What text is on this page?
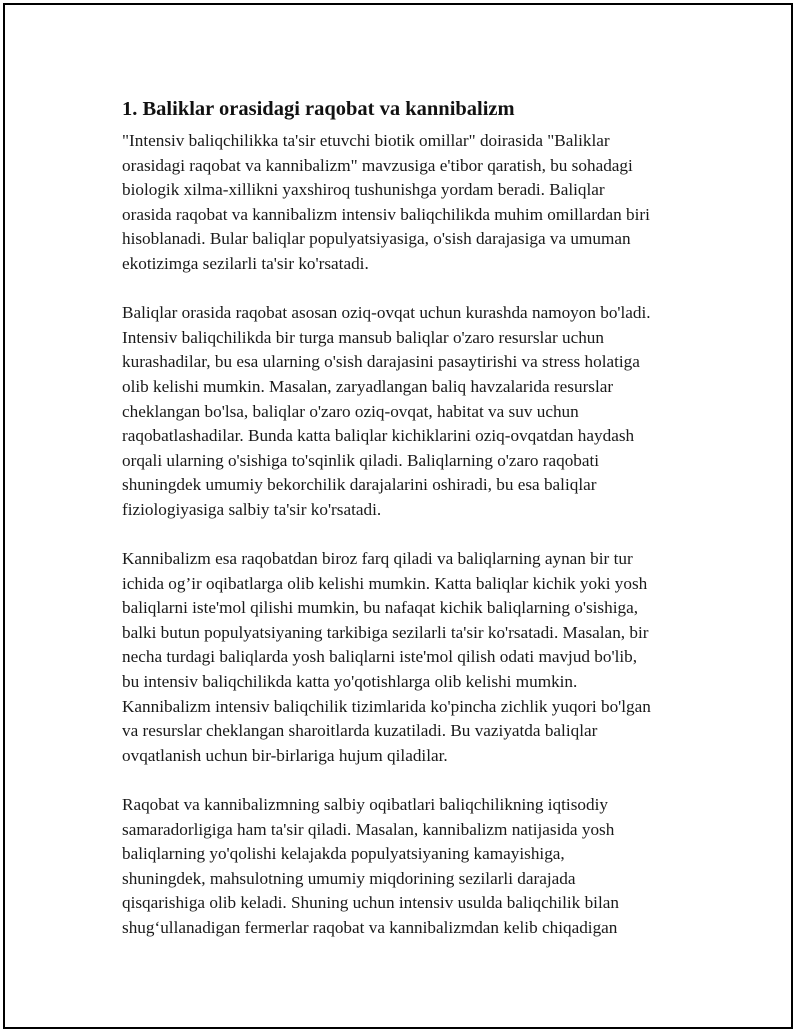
1. Baliklar orasidagi raqobat va kannibalizm

"Intensiv baliqchilikka ta'sir etuvchi biotik omillar" doirasida "Baliklar
orasidagi raqobat va kannibalizm" mavzusiga e'tibor qaratish, bu sohadagi
biologik xilma-xillikni yaxshiroq tushunishga yordam beradi. Baliqlar
orasida raqobat va kannibalizm intensiv baliqchilikda muhim omillardan biri
hisoblanadi. Bular baliqlar populyatsiyasiga, o'sish darajasiga va umuman
ekotizimga sezilarli ta'sir ko'rsatadi.

Baliqlar orasida raqobat asosan oziq-ovqat uchun kurashda namoyon bo'ladi.
Intensiv baliqchilikda bir turga mansub baliqlar o'zaro resurslar uchun
kurashadilar, bu esa ularning o'sish darajasini pasaytirishi va stress holatiga
olib kelishi mumkin. Masalan, zaryadlangan baliq havzalarida resurslar
cheklangan bo'lsa, baliqlar o'zaro oziq-ovqat, habitat va suv uchun
raqobatlashadilar. Bunda katta baliqlar kichiklarini oziq-ovqatdan haydash
orqali ularning o'sishiga to'sqinlik qiladi. Baliqlarning o'zaro raqobati
shuningdek umumiy bekorchilik darajalarini oshiradi, bu esa baliqlar
fiziologiyasiga salbiy ta'sir ko'rsatadi.

Kannibalizm esa raqobatdan biroz farq qiladi va baliqlarning aynan bir tur
ichida og’ir oqibatlarga olib kelishi mumkin. Katta baliqlar kichik yoki yosh
baliqlarni iste'mol qilishi mumkin, bu nafaqat kichik baliqlarning o'sishiga,
balki butun populyatsiyaning tarkibiga sezilarli ta'sir ko'rsatadi. Masalan, bir
necha turdagi baliqlarda yosh baliqlarni iste'mol qilish odati mavjud bo'lib,
bu intensiv baliqchilikda katta yo'qotishlarga olib kelishi mumkin.
Kannibalizm intensiv baliqchilik tizimlarida ko'pincha zichlik yuqori bo'lgan
va resurslar cheklangan sharoitlarda kuzatiladi. Bu vaziyatda baliqlar
ovqatlanish uchun bir-birlariga hujum qiladilar.

Raqobat va kannibalizmning salbiy oqibatlari baliqchilikning iqtisodiy
samaradorligiga ham ta'sir qiladi. Masalan, kannibalizm natijasida yosh
baliqlarning yo'qolishi kelajakda populyatsiyaning kamayishiga,
shuningdek, mahsulotning umumiy miqdorining sezilarli darajada
qisqarishiga olib keladi. Shuning uchun intensiv usulda baliqchilik bilan
shug‘ullanadigan fermerlar raqobat va kannibalizmdan kelib chiqadigan
